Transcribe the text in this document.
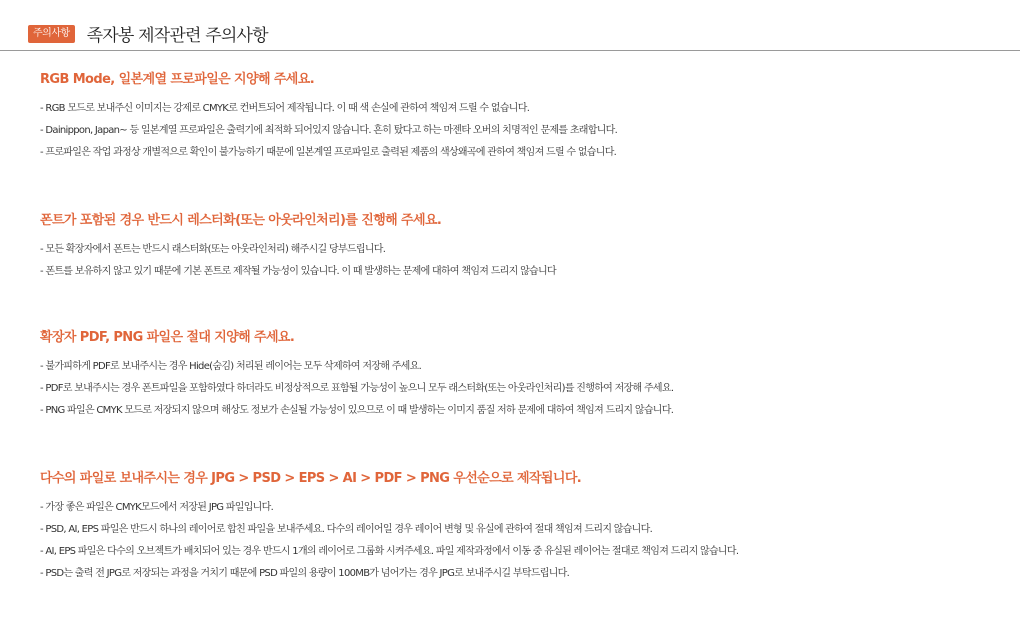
주의사항 족자봉 제작관련 주의사항
RGB Mode, 일본계열 프로파일은 지양해 주세요.
- RGB 모드로 보내주신 이미지는 강제로 CMYK로 컨버트되어 제작됩니다. 이 때 색 손실에 관하여 책임져 드릴 수 없습니다.
- Dainippon, Japan~ 등 일본계열 프로파일은 출력기에 최적화 되어있지 않습니다. 흔히 탔다고 하는 마젠타 오버의 치명적인 문제를 초래합니다.
- 프로파일은 작업 과정상 개별적으로 확인이 불가능하기 때문에 일본계열 프로파일로 출력된 제품의 색상왜곡에 관하여 책임져 드릴 수 없습니다.
폰트가 포함된 경우 반드시 레스터화(또는 아웃라인처리)를 진행해 주세요.
- 모든 확장자에서 폰트는 반드시 래스터화(또는 아웃라인처리) 해주시길 당부드립니다.
- 폰트를 보유하지 않고 있기 때문에 기본 폰트로 제작될 가능성이 있습니다. 이 때 발생하는 문제에 대하여 책임져 드리지 않습니다
확장자 PDF, PNG 파일은 절대 지양해 주세요.
- 불가피하게 PDF로 보내주시는 경우 Hide(숨김) 처리된 레이어는 모두 삭제하여 저장해 주세요.
- PDF로 보내주시는 경우 폰트파일을 포함하였다 하더라도 비정상적으로 표함될 가능성이 높으니 모두 래스터화(또는 아웃라인처리)를 진행하여 저장해 주세요.
- PNG 파일은 CMYK 모드로 저장되지 않으며 해상도 정보가 손실될 가능성이 있으므로 이 때 발생하는 이미지 품질 저하 문제에 대하여 책임져 드리지 않습니다.
다수의 파일로 보내주시는 경우 JPG > PSD > EPS > AI > PDF > PNG 우선순으로 제작됩니다.
- 가장 좋은 파일은 CMYK모드에서 저장된 JPG 파일입니다.
- PSD, AI, EPS 파일은 반드시 하나의 레이어로 합친 파일을 보내주세요. 다수의 레이어일 경우 레이어 변형 및 유실에 관하여 절대 책임져 드리지 않습니다.
- AI, EPS 파일은 다수의 오브젝트가 배치되어 있는 경우 반드시 1개의 레이어로 그룹화 시켜주세요. 파일 제작과정에서 이동 중 유실된 레이어는 절대로 책임져 드리지 않습니다.
- PSD는 출력 전 JPG로 저장되는 과정을 거치기 때문에 PSD 파일의 용량이 100MB가 넘어가는 경우 JPG로 보내주시길 부탁드립니다.
